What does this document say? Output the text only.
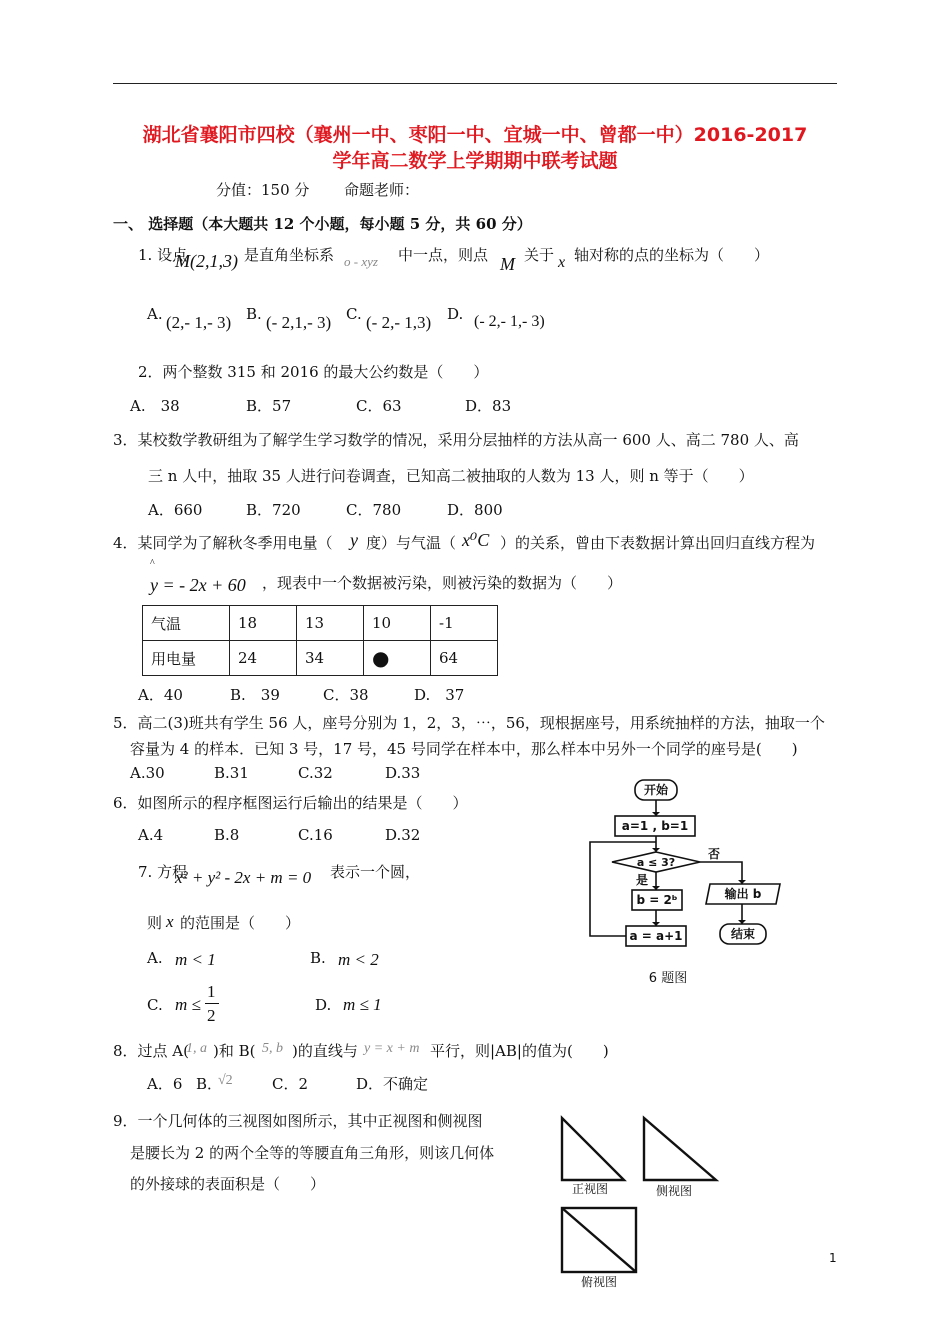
湖北省襄阳市四校（襄州一中、枣阳一中、宜城一中、曾都一中）2016-2017
学年高二数学上学期期中联考试题
分值：150 分 命题老师：
一、 选择题（本大题共 12 个小题，每小题 5 分，共 60 分）
1. 设点
M(2,1,3) 是直角坐标系 o - xyz 中一点，则点 M 关于 x 轴对称的点的坐标为（　　）
A. (2,- 1,- 3) B. (- 2,1,- 3) C. (- 2,- 1,3) D. (- 2,- 1,- 3)
2．两个整数 315 和 2016 的最大公约数是（　　）
A.　38	B．57	C．63	D．83
3．某校数学教研组为了解学生学习数学的情况，采用分层抽样的方法从高一 600 人、高二 780 人、高
三 n 人中，抽取 35 人进行问卷调查，已知高二被抽取的人数为 13 人，则 n 等于（　　）
A．660	B．720	C．780	D．800
4．某同学为了解秋冬季用电量（ y 度）与气温（ x⁰C ）的关系，曾由下表数据计算出回归直线方程为
^
y = - 2x + 60 ，现表中一个数据被污染，则被污染的数据为（　　）
气温	18	13	10	-1
用电量	24	34	●	64
A．40	B.　39	C．38	D.　37
5．高二(3)班共有学生 56 人，座号分别为 1，2，3，⋯，56，现根据座号，用系统抽样的方法，抽取一个
容量为 4 的样本．已知 3 号，17 号，45 号同学在样本中，那么样本中另外一个同学的座号是(　　)
A.30	B.31	C.32	D.33
6．如图所示的程序框图运行后输出的结果是（　　）
A.4	B.8	C.16	D.32
开始
a=1 , b=1
a ≤ 3?
否
是
b = 2ᵇ
a = a+1
输出 b
结束
6 题图
7. 方程
x² + y² - 2x + m = 0 表示一个圆，
则 x 的范围是（　　）
A. m < 1	B. m < 2
C. m ≤
1
2
D. m ≤ 1
8．过点 A(
1, a )和 B( 5, b )的直线与 y = x + m 平行，则|AB|的值为(　　)
A．6 B．
√2	C．2	D．不确定
9．一个几何体的三视图如图所示，其中正视图和侧视图
是腰长为 2 的两个全等的等腰直角三角形，则该几何体
的外接球的表面积是（　　）	正视图	侧视图
俯视图
1
